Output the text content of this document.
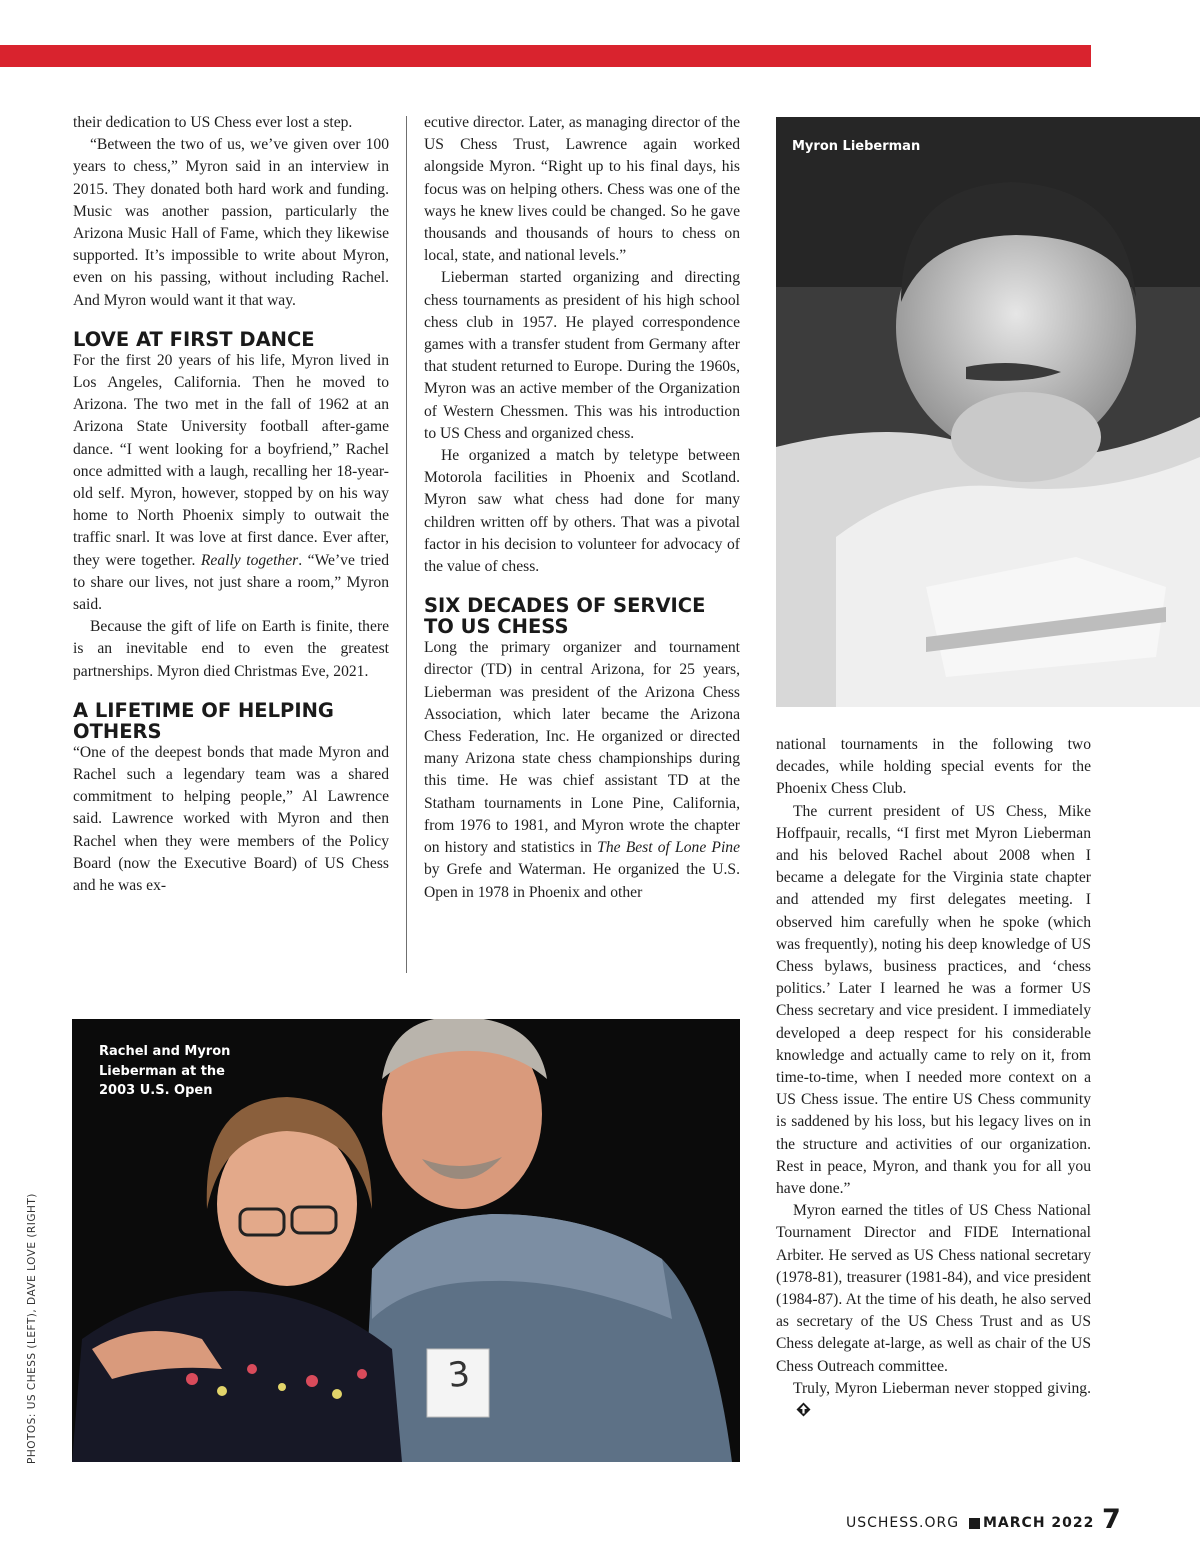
their dedication to US Chess ever lost a step.

“Between the two of us, we’ve given over 100 years to chess,” Myron said in an interview in 2015. They donated both hard work and funding. Music was another passion, particularly the Arizona Music Hall of Fame, which they likewise supported. It’s impossible to write about Myron, even on his passing, without including Rachel. And Myron would want it that way.

LOVE AT FIRST DANCE

For the first 20 years of his life, Myron lived in Los Angeles, California. Then he moved to Arizona. The two met in the fall of 1962 at an Arizona State University football after-game dance. “I went looking for a boyfriend,” Rachel once admitted with a laugh, recalling her 18-year-old self. Myron, however, stopped by on his way home to North Phoenix simply to outwait the traffic snarl. It was love at first dance. Ever after, they were together. Really together. “We’ve tried to share our lives, not just share a room,” Myron said.

Because the gift of life on Earth is finite, there is an inevitable end to even the greatest partnerships. Myron died Christmas Eve, 2021.

A LIFETIME OF HELPING OTHERS

“One of the deepest bonds that made Myron and Rachel such a legendary team was a shared commitment to helping people,” Al Lawrence said. Lawrence worked with Myron and then Rachel when they were members of the Policy Board (now the Executive Board) of US Chess and he was ex-

ecutive director. Later, as managing director of the US Chess Trust, Lawrence again worked alongside Myron. “Right up to his final days, his focus was on helping others. Chess was one of the ways he knew lives could be changed. So he gave thousands and thousands of hours to chess on local, state, and national levels.”

Lieberman started organizing and directing chess tournaments as president of his high school chess club in 1957. He played correspondence games with a transfer student from Germany after that student returned to Europe. During the 1960s, Myron was an active member of the Organization of Western Chessmen. This was his introduction to US Chess and organized chess.

He organized a match by teletype between Motorola facilities in Phoenix and Scotland. Myron saw what chess had done for many children written off by others. That was a pivotal factor in his decision to volunteer for advocacy of the value of chess.

SIX DECADES OF SERVICE TO US CHESS

Long the primary organizer and tournament director (TD) in central Arizona, for 25 years, Lieberman was president of the Arizona Chess Association, which later became the Arizona Chess Federation, Inc. He organized or directed many Arizona state chess championships during this time. He was chief assistant TD at the Statham tournaments in Lone Pine, California, from 1976 to 1981, and Myron wrote the chapter on history and statistics in The Best of Lone Pine by Grefe and Waterman. He organized the U.S. Open in 1978 in Phoenix and other

Myron Lieberman

national tournaments in the following two decades, while holding special events for the Phoenix Chess Club.

The current president of US Chess, Mike Hoffpauir, recalls, “I first met Myron Lieberman and his beloved Rachel about 2008 when I became a delegate for the Virginia state chapter and attended my first delegates meeting. I observed him carefully when he spoke (which was frequently), noting his deep knowledge of US Chess bylaws, business practices, and ‘chess politics.’ Later I learned he was a former US Chess secretary and vice president. I immediately developed a deep respect for his considerable knowledge and actually came to rely on it, from time-to-time, when I needed more context on a US Chess issue. The entire US Chess community is saddened by his loss, but his legacy lives on in the structure and activities of our organization. Rest in peace, Myron, and thank you for all you have done.”

Myron earned the titles of US Chess National Tournament Director and FIDE International Arbiter. He served as US Chess national secretary (1978-81), treasurer (1981-84), and vice president (1984-87). At the time of his death, he also served as secretary of the US Chess Trust and as US Chess delegate at-large, as well as chair of the US Chess Outreach committee.

Truly, Myron Lieberman never stopped giving.

3
Rachel and Myron
Lieberman at the
2003 U.S. Open
PHOTOS: US CHESS (LEFT), DAVE LOVE (RIGHT)
USCHESS.ORG MARCH 2022 7
